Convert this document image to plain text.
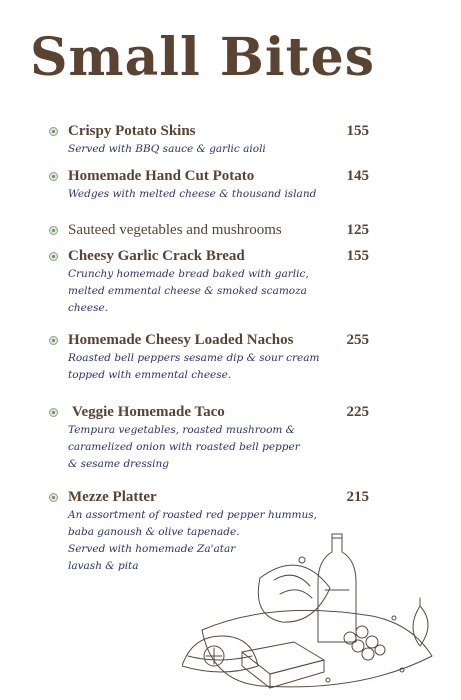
Small Bites
Crispy Potato Skins	155
Served with BBQ sauce & garlic aioli
Homemade Hand Cut Potato	145
Wedges with melted cheese & thousand island
Sauteed vegetables and mushrooms	125
Cheesy Garlic Crack Bread	155
Crunchy homemade bread baked with garlic,
melted emmental cheese & smoked scamoza
cheese.
Homemade Cheesy Loaded Nachos	255
Roasted bell peppers sesame dip & sour cream
topped with emmental cheese.
Veggie Homemade Taco	225
Tempura vegetables, roasted mushroom &
caramelized onion with roasted bell pepper
& sesame dressing
Mezze Platter	215
An assortment of roasted red pepper hummus,
baba ganoush & olive tapenade.
Served with homemade Za'atar
lavash & pita
